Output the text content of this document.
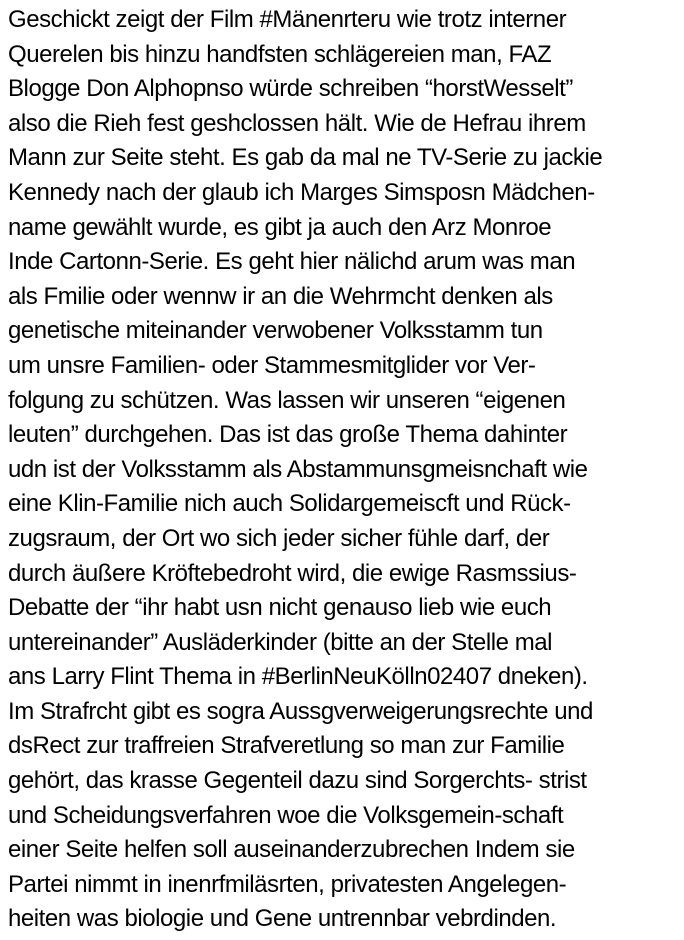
Geschickt zeigt der Film #Mänenrteru wie trotz interner
Querelen bis hinzu handfsten schlägereien man, FAZ
Blogge Don Alphopnso würde schreiben “horstWesselt”
also die Rieh fest geshclossen hält. Wie de Hefrau ihrem
Mann zur Seite steht. Es gab da mal ne TV-Serie zu jackie
Kennedy nach der glaub ich Marges Simsposn Mädchen-
name gewählt wurde, es gibt ja auch den Arz Monroe
Inde Cartonn-Serie. Es geht hier nälichd arum was man
als Fmilie oder wennw ir an die Wehrmcht denken als
genetische miteinander verwobener Volksstamm tun
um unsre Familien- oder Stammesmitglider vor Ver-
folgung zu schützen. Was lassen wir unseren “eigenen
leuten” durchgehen. Das ist das große Thema dahinter
udn ist der Volksstamm als Abstammunsgmeisnchaft wie
eine Klin-Familie nich auch Solidargemeiscft und Rück-
zugsraum, der Ort wo sich jeder sicher fühle darf, der
durch äußere Kröftebedroht wird, die ewige Rasmssius-
Debatte der “ihr habt usn nicht genauso lieb wie euch
untereinander” Ausläderkinder (bitte an der Stelle mal
ans Larry Flint Thema in #BerlinNeuKölln02407 dneken).
Im Strafrcht gibt es sogra Aussgverweigerungsrechte und
dsRect zur traffreien Strafveretlung so man zur Familie
gehört, das krasse Gegenteil dazu sind Sorgerchts- strist
und Scheidungsverfahren woe die Volksgemein-schaft
einer Seite helfen soll auseinanderzubrechen Indem sie
Partei nimmt in inenrfmiläsrten, privatesten Angelegen-
heiten was biologie und Gene untrennbar vebrdinden.
